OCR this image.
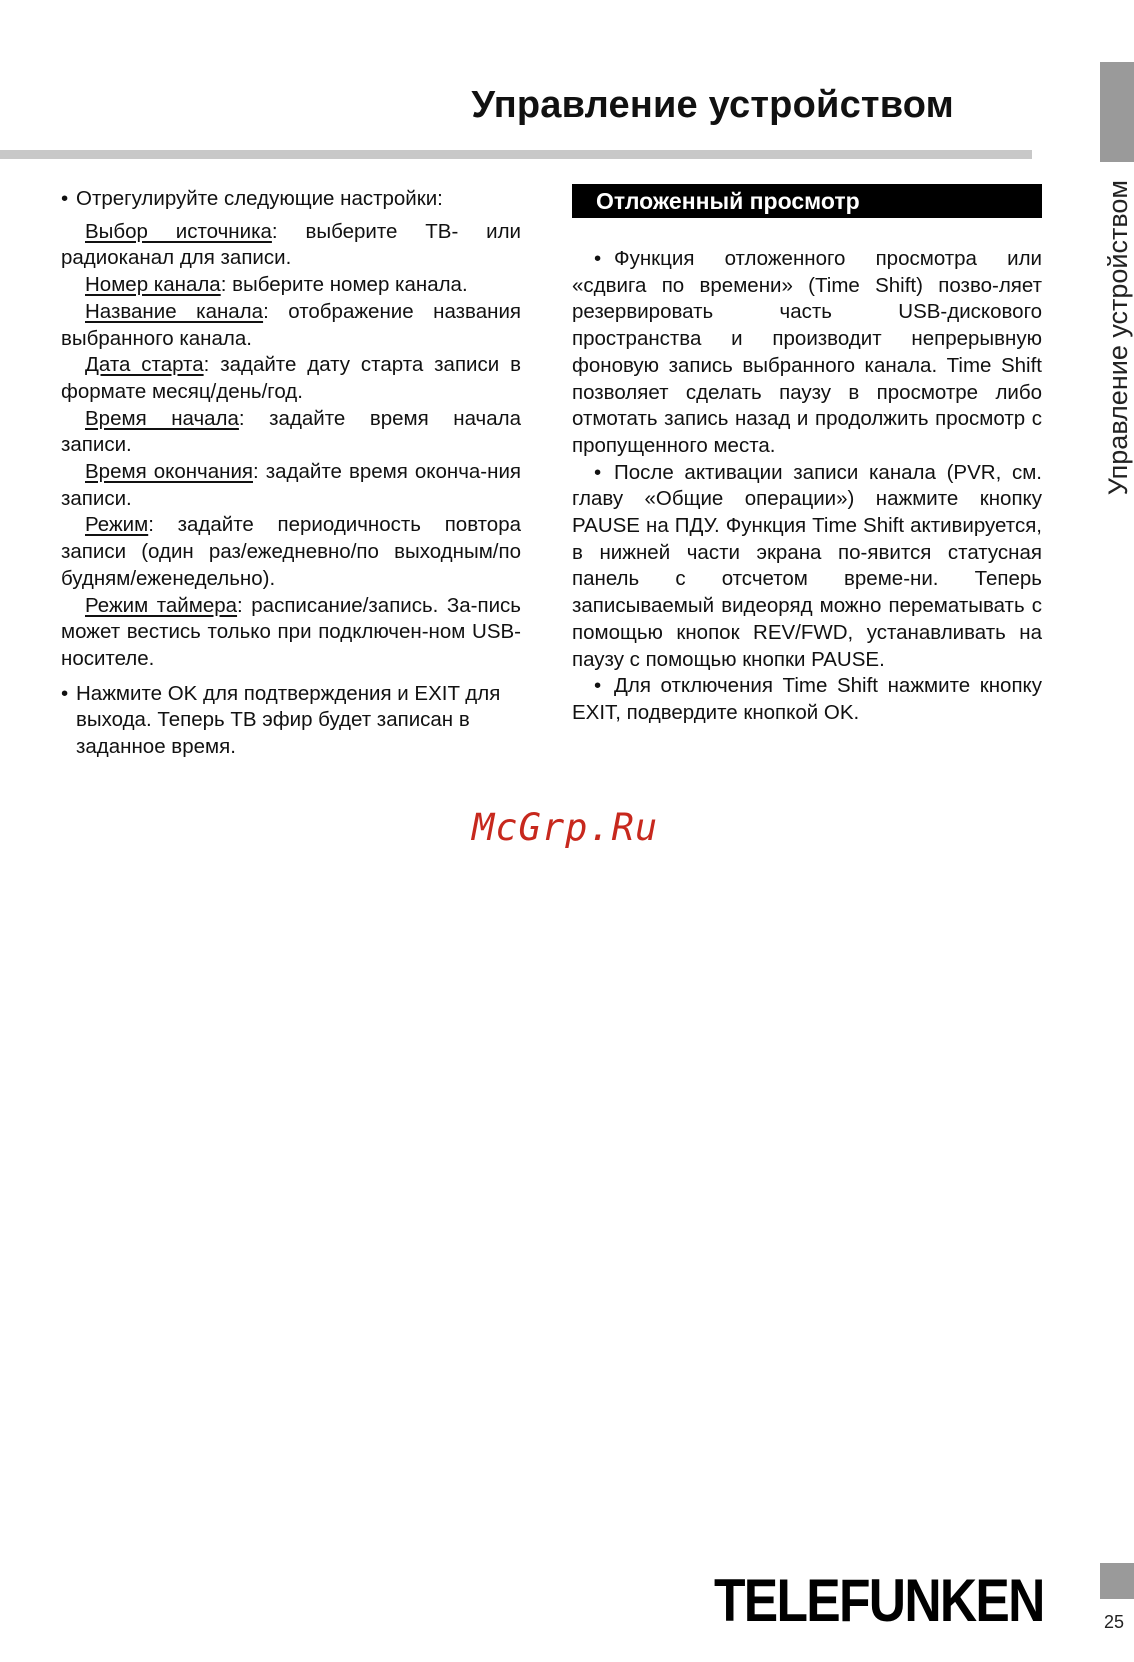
Управление устройством
Управление устройством
• Отрегулируйте следующие настройки:

Выбор источника: выберите ТВ- или радиоканал для записи.

Номер канала: выберите номер канала.

Название канала: отображение названия выбранного канала.

Дата старта: задайте дату старта записи в формате месяц/день/год.

Время начала: задайте время начала записи.

Время окончания: задайте время оконча-ния записи.

Режим: задайте периодичность повтора записи (один раз/ежедневно/по выходным/по будням/еженедельно).

Режим таймера: расписание/запись. За-пись может вестись только при подключен-ном USB-носителе.

• Нажмите OK для подтверждения и EXIT для выхода. Теперь ТВ эфир будет записан в заданное время.
Отложенный просмотр

• Функция отложенного просмотра или «сдвига по времени» (Time Shift) позво-ляет резервировать часть USB-дискового пространства и производит непрерывную фоновую запись выбранного канала. Time Shift позволяет сделать паузу в просмотре либо отмотать запись назад и продолжить просмотр с пропущенного места.

• После активации записи канала (PVR, см. главу «Общие операции») нажмите кнопку PAUSE на ПДУ. Функция Time Shift активируется, в нижней части экрана по-явится статусная панель с отсчетом време-ни. Теперь записываемый видеоряд можно перематывать с помощью кнопок REV/FWD, устанавливать на паузу с помощью кнопки PAUSE.

• Для отключения Time Shift нажмите кнопку EXIT, подвердите кнопкой OK.

McGrp.Ru
TELEFUNKEN	25
